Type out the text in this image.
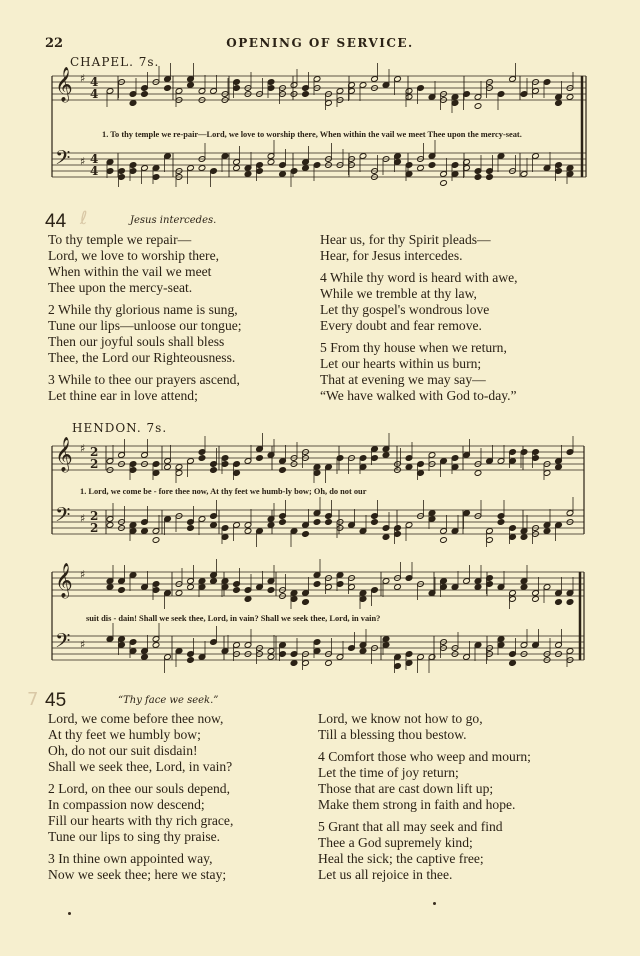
22	OPENING OF SERVICE.
CHAPEL. 7s.
𝄞
𝄢
♯
♯
4
4
4
4
𝄞
𝄢
♯
♯
2
2
2
2
𝄞
𝄢
♯
♯
1. To thy temple we re-pair—Lord, we love to worship there, When within the vail we meet Thee upon the mercy-seat.
1. Lord, we come be - fore thee now, At thy feet we humb-ly bow; Oh, do not our
suit dis - dain! Shall we seek thee, Lord, in vain? Shall we seek thee, Lord, in vain?
44 ℓ	Jesus intercedes.
To thy temple we repair—
Lord, we love to worship there,
When within the vail we meet
Thee upon the mercy-seat.
2 While thy glorious name is sung,
Tune our lips—unloose our tongue;
Then our joyful souls shall bless
Thee, the Lord our Righteousness.
3 While to thee our prayers ascend,
Let thine ear in love attend;
Hear us, for thy Spirit pleads—
Hear, for Jesus intercedes.
4 While thy word is heard with awe,
While we tremble at thy law,
Let thy gospel's wondrous love
Every doubt and fear remove.
5 From thy house when we return,
Let our hearts within us burn;
That at evening we may say—
“We have walked with God to-day.”
HENDON. 7s.
7 45	“Thy face we seek.”
Lord, we come before thee now,
At thy feet we humbly bow;
Oh, do not our suit disdain!
Shall we seek thee, Lord, in vain?
2 Lord, on thee our souls depend,
In compassion now descend;
Fill our hearts with thy rich grace,
Tune our lips to sing thy praise.
3 In thine own appointed way,
Now we seek thee; here we stay;
Lord, we know not how to go,
Till a blessing thou bestow.
4 Comfort those who weep and mourn;
Let the time of joy return;
Those that are cast down lift up;
Make them strong in faith and hope.
5 Grant that all may seek and find
Thee a God supremely kind;
Heal the sick; the captive free;
Let us all rejoice in thee.
